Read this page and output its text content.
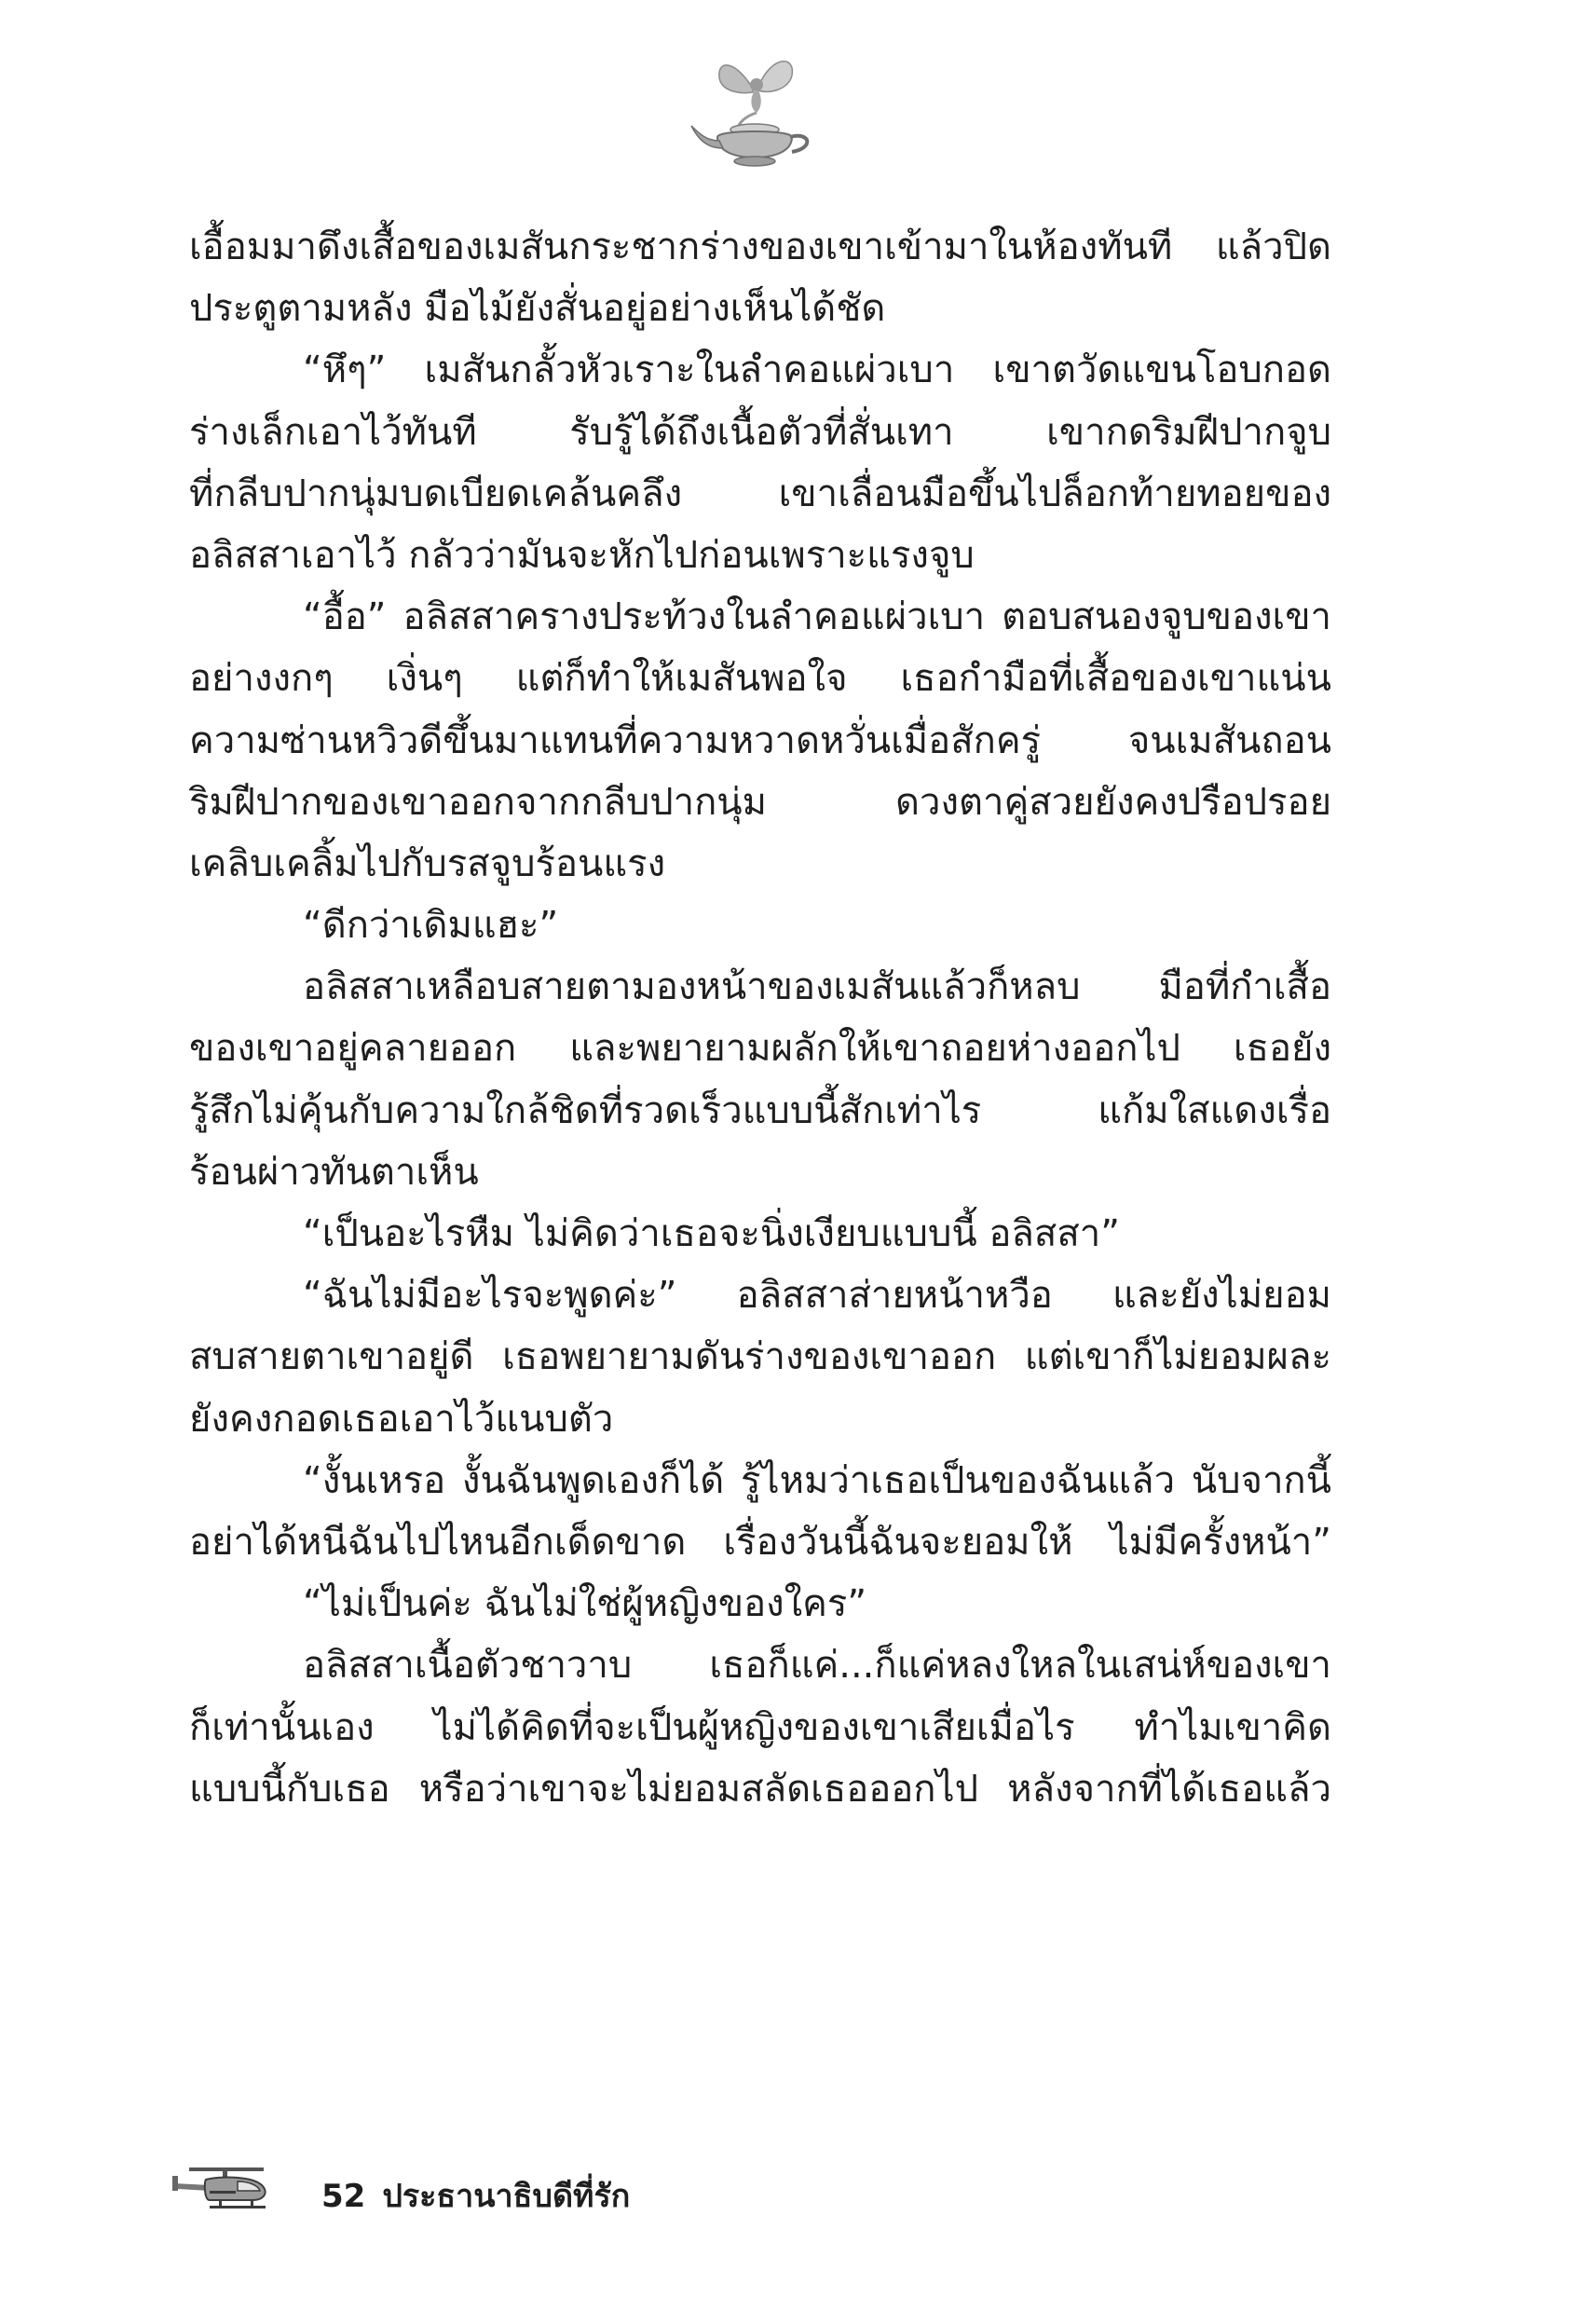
เอื้อมมาดึงเสื้อของเมสันกระชากร่างของเขาเข้ามาในห้องทันที แล้วปิด
ประตูตามหลัง มือไม้ยังสั่นอยู่อย่างเห็นได้ชัด
“หึๆ” เมสันกลั้วหัวเราะในลำคอแผ่วเบา เขาตวัดแขนโอบกอด
ร่างเล็กเอาไว้ทันที รับรู้ได้ถึงเนื้อตัวที่สั่นเทา เขากดริมฝีปากจูบ
ที่กลีบปากนุ่มบดเบียดเคล้นคลึง เขาเลื่อนมือขึ้นไปล็อกท้ายทอยของ
อลิสสาเอาไว้ กลัวว่ามันจะหักไปก่อนเพราะแรงจูบ
“อื้อ” อลิสสาครางประท้วงในลำคอแผ่วเบา ตอบสนองจูบของเขา
อย่างงกๆ เงิ่นๆ แต่ก็ทำให้เมสันพอใจ เธอกำมือที่เสื้อของเขาแน่น
ความซ่านหวิวดีขึ้นมาแทนที่ความหวาดหวั่นเมื่อสักครู่ จนเมสันถอน
ริมฝีปากของเขาออกจากกลีบปากนุ่ม ดวงตาคู่สวยยังคงปรือปรอย
เคลิบเคลิ้มไปกับรสจูบร้อนแรง
“ดีกว่าเดิมแฮะ”
อลิสสาเหลือบสายตามองหน้าของเมสันแล้วก็หลบ มือที่กำเสื้อ
ของเขาอยู่คลายออก และพยายามผลักให้เขาถอยห่างออกไป เธอยัง
รู้สึกไม่คุ้นกับความใกล้ชิดที่รวดเร็วแบบนี้สักเท่าไร แก้มใสแดงเรื่อ
ร้อนผ่าวทันตาเห็น
“เป็นอะไรหืม ไม่คิดว่าเธอจะนิ่งเงียบแบบนี้ อลิสสา”
“ฉันไม่มีอะไรจะพูดค่ะ” อลิสสาส่ายหน้าหวือ และยังไม่ยอม
สบสายตาเขาอยู่ดี เธอพยายามดันร่างของเขาออก แต่เขาก็ไม่ยอมผละ
ยังคงกอดเธอเอาไว้แนบตัว
“งั้นเหรอ งั้นฉันพูดเองก็ได้ รู้ไหมว่าเธอเป็นของฉันแล้ว นับจากนี้
อย่าได้หนีฉันไปไหนอีกเด็ดขาด เรื่องวันนี้ฉันจะยอมให้ ไม่มีครั้งหน้า”
“ไม่เป็นค่ะ ฉันไม่ใช่ผู้หญิงของใคร”
อลิสสาเนื้อตัวชาวาบ เธอก็แค่...ก็แค่หลงใหลในเสน่ห์ของเขา
ก็เท่านั้นเอง ไม่ได้คิดที่จะเป็นผู้หญิงของเขาเสียเมื่อไร ทำไมเขาคิด
แบบนี้กับเธอ หรือว่าเขาจะไม่ยอมสลัดเธอออกไป หลังจากที่ได้เธอแล้ว
52 ประธานาธิบดีที่รัก
